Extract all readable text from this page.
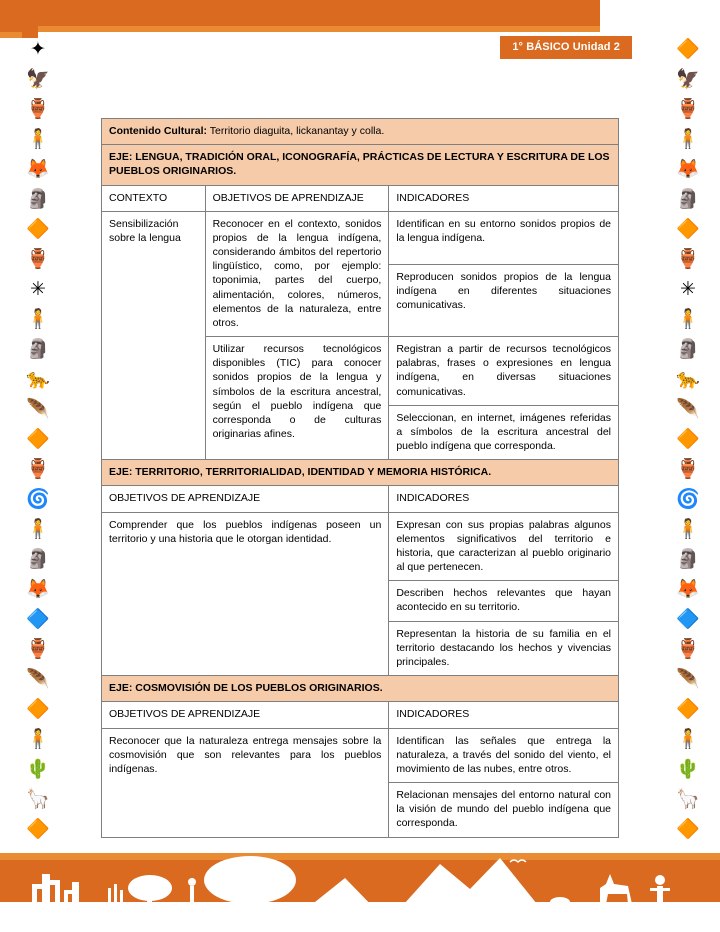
1° BÁSICO Unidad 2
✦
🦅
🏺
🧍
🦊
🗿
🔶
🏺
✳
🧍
🗿
🐆
🪶
🔶
🏺
🌀
🧍
🗿
🦊
🔷
🏺
🪶
🔶
🧍
🌵
🦙
🔶
🔶
🦅
🏺
🧍
🦊
🗿
🔶
🏺
✳
🧍
🗿
🐆
🪶
🔶
🏺
🌀
🧍
🗿
🦊
🔷
🏺
🪶
🔶
🧍
🌵
🦙
🔶
Contenido Cultural: Territorio diaguita, lickanantay y colla.		
EJE: LENGUA, TRADICIÓN ORAL, ICONOGRAFÍA, PRÁCTICAS DE LECTURA Y ESCRITURA DE LOS PUEBLOS ORIGINARIOS.		
CONTEXTO	OBJETIVOS DE APRENDIZAJE	INDICADORES
Sensibilización sobre la lengua	Reconocer en el contexto, sonidos propios de la lengua indígena, considerando ámbitos del repertorio lingüístico, como, por ejemplo: toponimia, partes del cuerpo, alimentación, colores, números, elementos de la naturaleza, entre otros.	Identifican en su entorno sonidos propios de la lengua indígena.
		Reproducen sonidos propios de la lengua indígena en diferentes situaciones comunicativas.
	Utilizar recursos tecnológicos disponibles (TIC) para conocer sonidos propios de la lengua y símbolos de la escritura ancestral, según el pueblo indígena que corresponda o de culturas originarias afines.	Registran a partir de recursos tecnológicos palabras, frases o expresiones en lengua indígena, en diversas situaciones comunicativas.
		Seleccionan, en internet, imágenes referidas a símbolos de la escritura ancestral del pueblo indígena que corresponda.
EJE: TERRITORIO, TERRITORIALIDAD, IDENTIDAD Y MEMORIA HISTÓRICA.		
OBJETIVOS DE APRENDIZAJE		INDICADORES
Comprender que los pueblos indígenas poseen un territorio y una historia que le otorgan identidad.		Expresan con sus propias palabras algunos elementos significativos del territorio e historia, que caracterizan al pueblo originario al que pertenecen.
		Describen hechos relevantes que hayan acontecido en su territorio.
		Representan la historia de su familia en el territorio destacando los hechos y vivencias principales.
EJE: COSMOVISIÓN DE LOS PUEBLOS ORIGINARIOS.		
OBJETIVOS DE APRENDIZAJE		INDICADORES
Reconocer que la naturaleza entrega mensajes sobre la cosmovisión que son relevantes para los pueblos indígenas.		Identifican las señales que entrega la naturaleza, a través del sonido del viento, el movimiento de las nubes, entre otros.
		Relacionan mensajes del entorno natural con la visión de mundo del pueblo indígena que corresponda.
